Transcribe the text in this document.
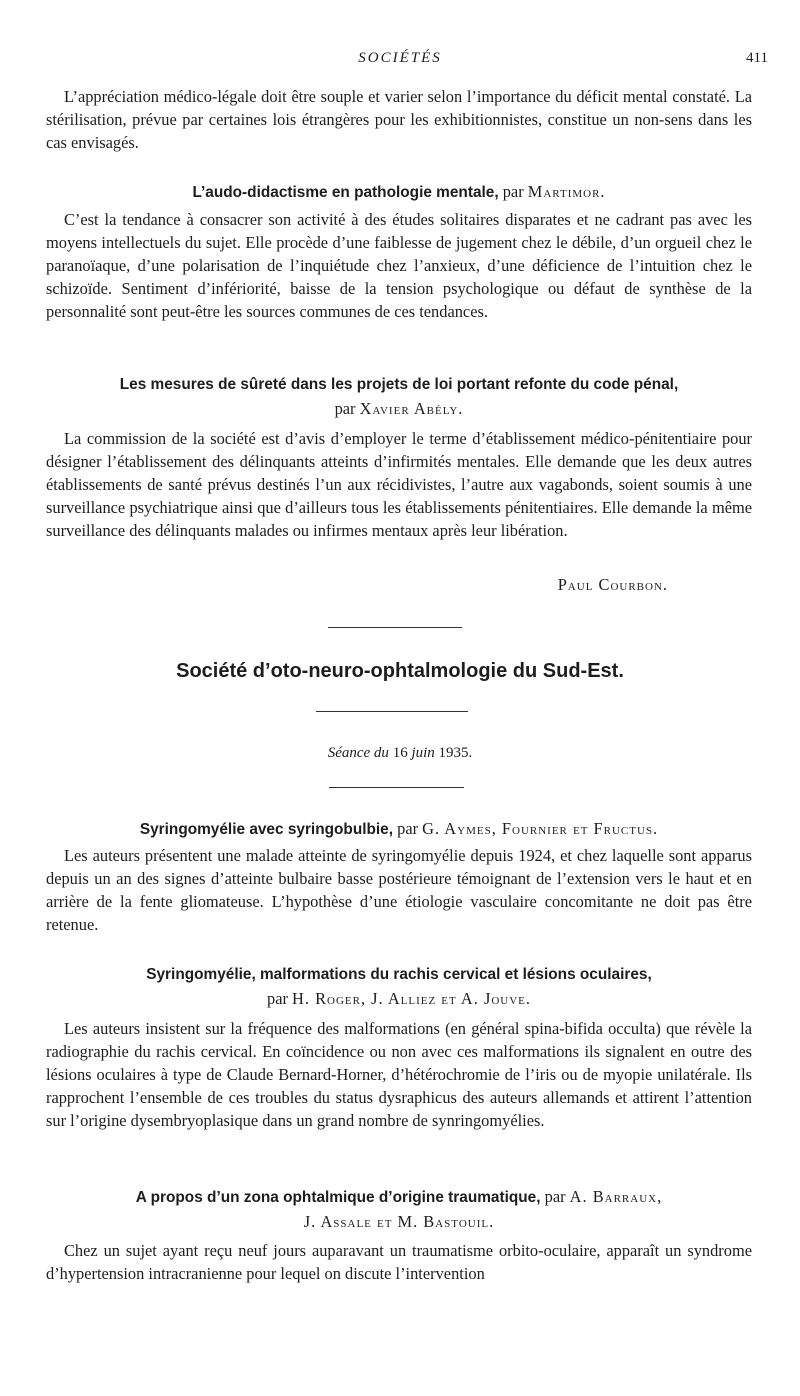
SOCIÉTÉS	411

L’appréciation médico-légale doit être souple et varier selon l’importance du déficit mental constaté. La stérilisation, prévue par certaines lois étrangères pour les exhibitionnistes, constitue un non-sens dans les cas envisagés.

L’audo-didactisme en pathologie mentale, par Martimor.

C’est la tendance à consacrer son activité à des études solitaires disparates et ne cadrant pas avec les moyens intellectuels du sujet. Elle procède d’une faiblesse de jugement chez le débile, d’un orgueil chez le paranoïaque, d’une polarisation de l’inquiétude chez l’anxieux, d’une déficience de l’intuition chez le schizoïde. Sentiment d’infériorité, baisse de la tension psychologique ou défaut de synthèse de la personnalité sont peut-être les sources communes de ces tendances.

Les mesures de sûreté dans les projets de loi portant refonte du code pénal,
par Xavier Abély.

La commission de la société est d’avis d’employer le terme d’établissement médico-pénitentiaire pour désigner l’établissement des délinquants atteints d’infirmités mentales. Elle demande que les deux autres établissements de santé prévus destinés l’un aux récidivistes, l’autre aux vagabonds, soient soumis à une surveillance psychiatrique ainsi que d’ailleurs tous les établissements pénitentiaires. Elle demande la même surveillance des délinquants malades ou infirmes mentaux après leur libération.

Paul Courbon.
Société d’oto-neuro-ophtalmologie du Sud-Est.
Séance du 16 juin 1935.
Syringomyélie avec syringobulbie, par G. Aymes, Fournier et Fructus.

Les auteurs présentent une malade atteinte de syringomyélie depuis 1924, et chez laquelle sont apparus depuis un an des signes d’atteinte bulbaire basse postérieure témoignant de l’extension vers le haut et en arrière de la fente gliomateuse. L’hypothèse d’une étiologie vasculaire concomitante ne doit pas être retenue.

Syringomyélie, malformations du rachis cervical et lésions oculaires,
par H. Roger, J. Alliez et A. Jouve.

Les auteurs insistent sur la fréquence des malformations (en général spina-bifida occulta) que révèle la radiographie du rachis cervical. En coïncidence ou non avec ces malformations ils signalent en outre des lésions oculaires à type de Claude Bernard-Horner, d’hétérochromie de l’iris ou de myopie unilatérale. Ils rapprochent l’ensemble de ces troubles du status dysraphicus des auteurs allemands et attirent l’attention sur l’origine dysembryoplasique dans un grand nombre de synringomyélies.

A propos d’un zona ophtalmique d’origine traumatique, par A. Barraux,
J. Assale et M. Bastouil.

Chez un sujet ayant reçu neuf jours auparavant un traumatisme orbito-oculaire, apparaît un syndrome d’hypertension intracranienne pour lequel on discute l’intervention
